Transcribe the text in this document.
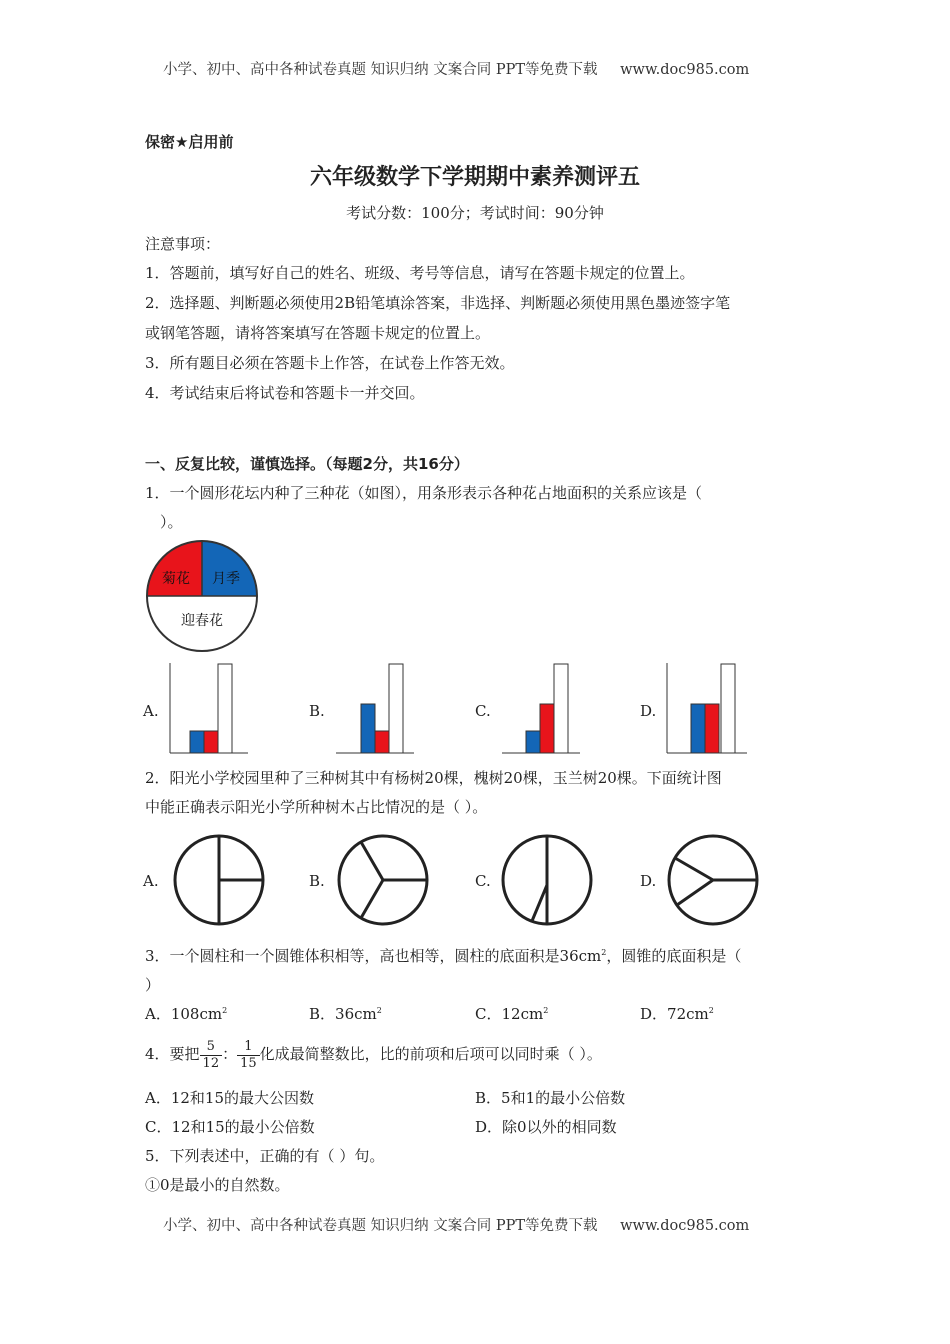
小学、初中、高中各种试卷真题 知识归纳 文案合同 PPT等免费下载 www.doc985.com
小学、初中、高中各种试卷真题 知识归纳 文案合同 PPT等免费下载 www.doc985.com
保密★启用前
六年级数学下学期期中素养测评五
考试分数：100分；考试时间：90分钟
注意事项：
1．答题前，填写好自己的姓名、班级、考号等信息，请写在答题卡规定的位置上。
2．选择题、判断题必须使用2B铅笔填涂答案，非选择、判断题必须使用黑色墨迹签字笔
或钢笔答题，请将答案填写在答题卡规定的位置上。
3．所有题目必须在答题卡上作答，在试卷上作答无效。
4．考试结束后将试卷和答题卡一并交回。
一、反复比较，谨慎选择。（每题2分，共16分）
1．一个圆形花坛内种了三种花（如图），用条形表示各种花占地面积的关系应该是（
）。
菊花 月季
迎春花
A.	B.	C.	D.
2．阳光小学校园里种了三种树其中有杨树20棵，槐树20棵，玉兰树20棵。下面统计图
中能正确表示阳光小学所种树木占比情况的是（ ）。
A.	B.	C.	D.
3．一个圆柱和一个圆锥体积相等，高也相等，圆柱的底面积是$36cm^2$，圆锥的底面积是（
）
A．$108cm^2$	B．$36cm^2$	C．$12cm^2$	D．$72cm^2$
4．要把 $\frac{5}{12}$ ： $\frac{1}{15}$ 化成最简整数比，比的前项和后项可以同时乘（ ）。
A．12和15的最大公因数	B．5和1的最小公倍数
C．12和15的最小公倍数	D．除0以外的相同数
5．下列表述中，正确的有（ ）句。
①0是最小的自然数。
